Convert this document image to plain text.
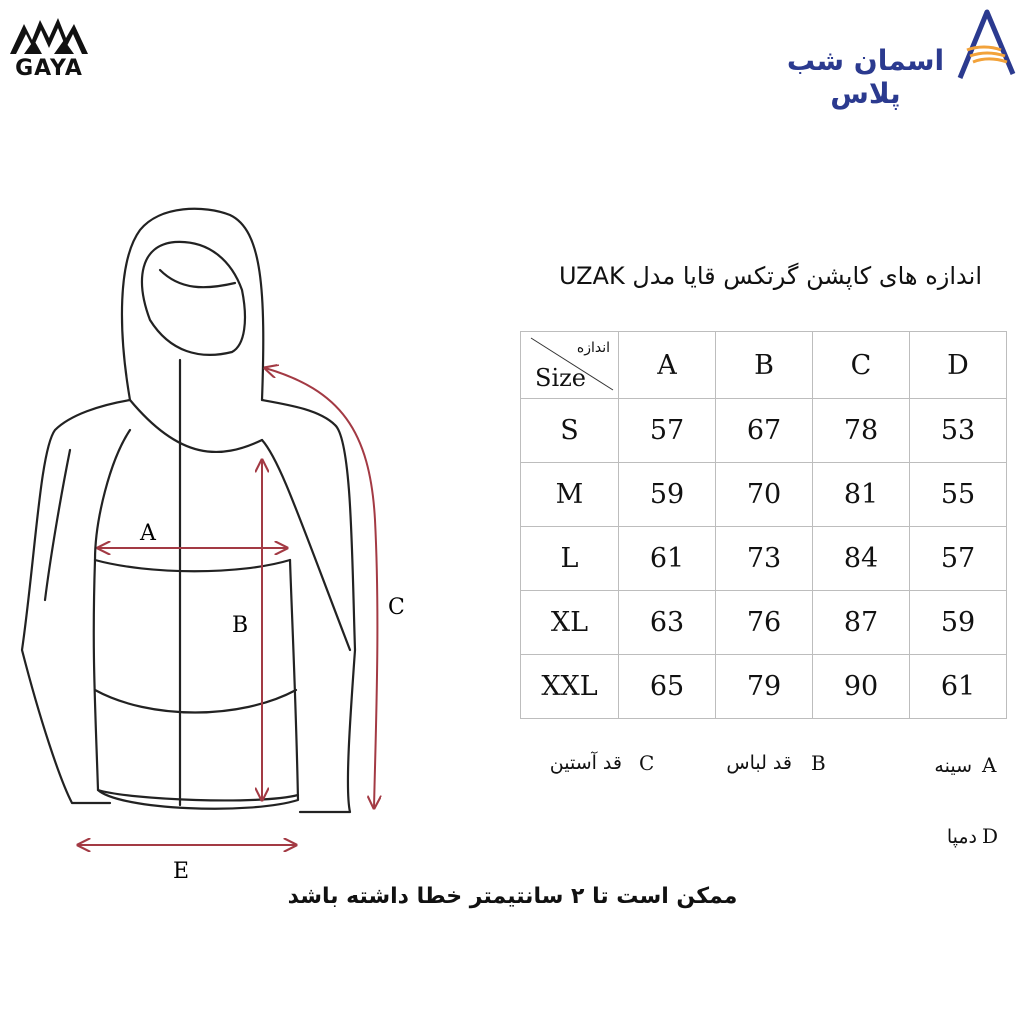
GAYA	اسمان شب پلاس
A
B
C
E
اندازه های کاپشن گرتکس قایا مدل UZAK
اندازه
Size	A	B	C	D
S	57	67	78	53
M	59	70	81	55
L	61	73	84	57
XL	63	76	87	59
XXL	65	79	90	61
A
سینه
B
قد لباس
C
قد آستین
D
دمپا
ممکن است تا ۲ سانتیمتر خطا داشته باشد
